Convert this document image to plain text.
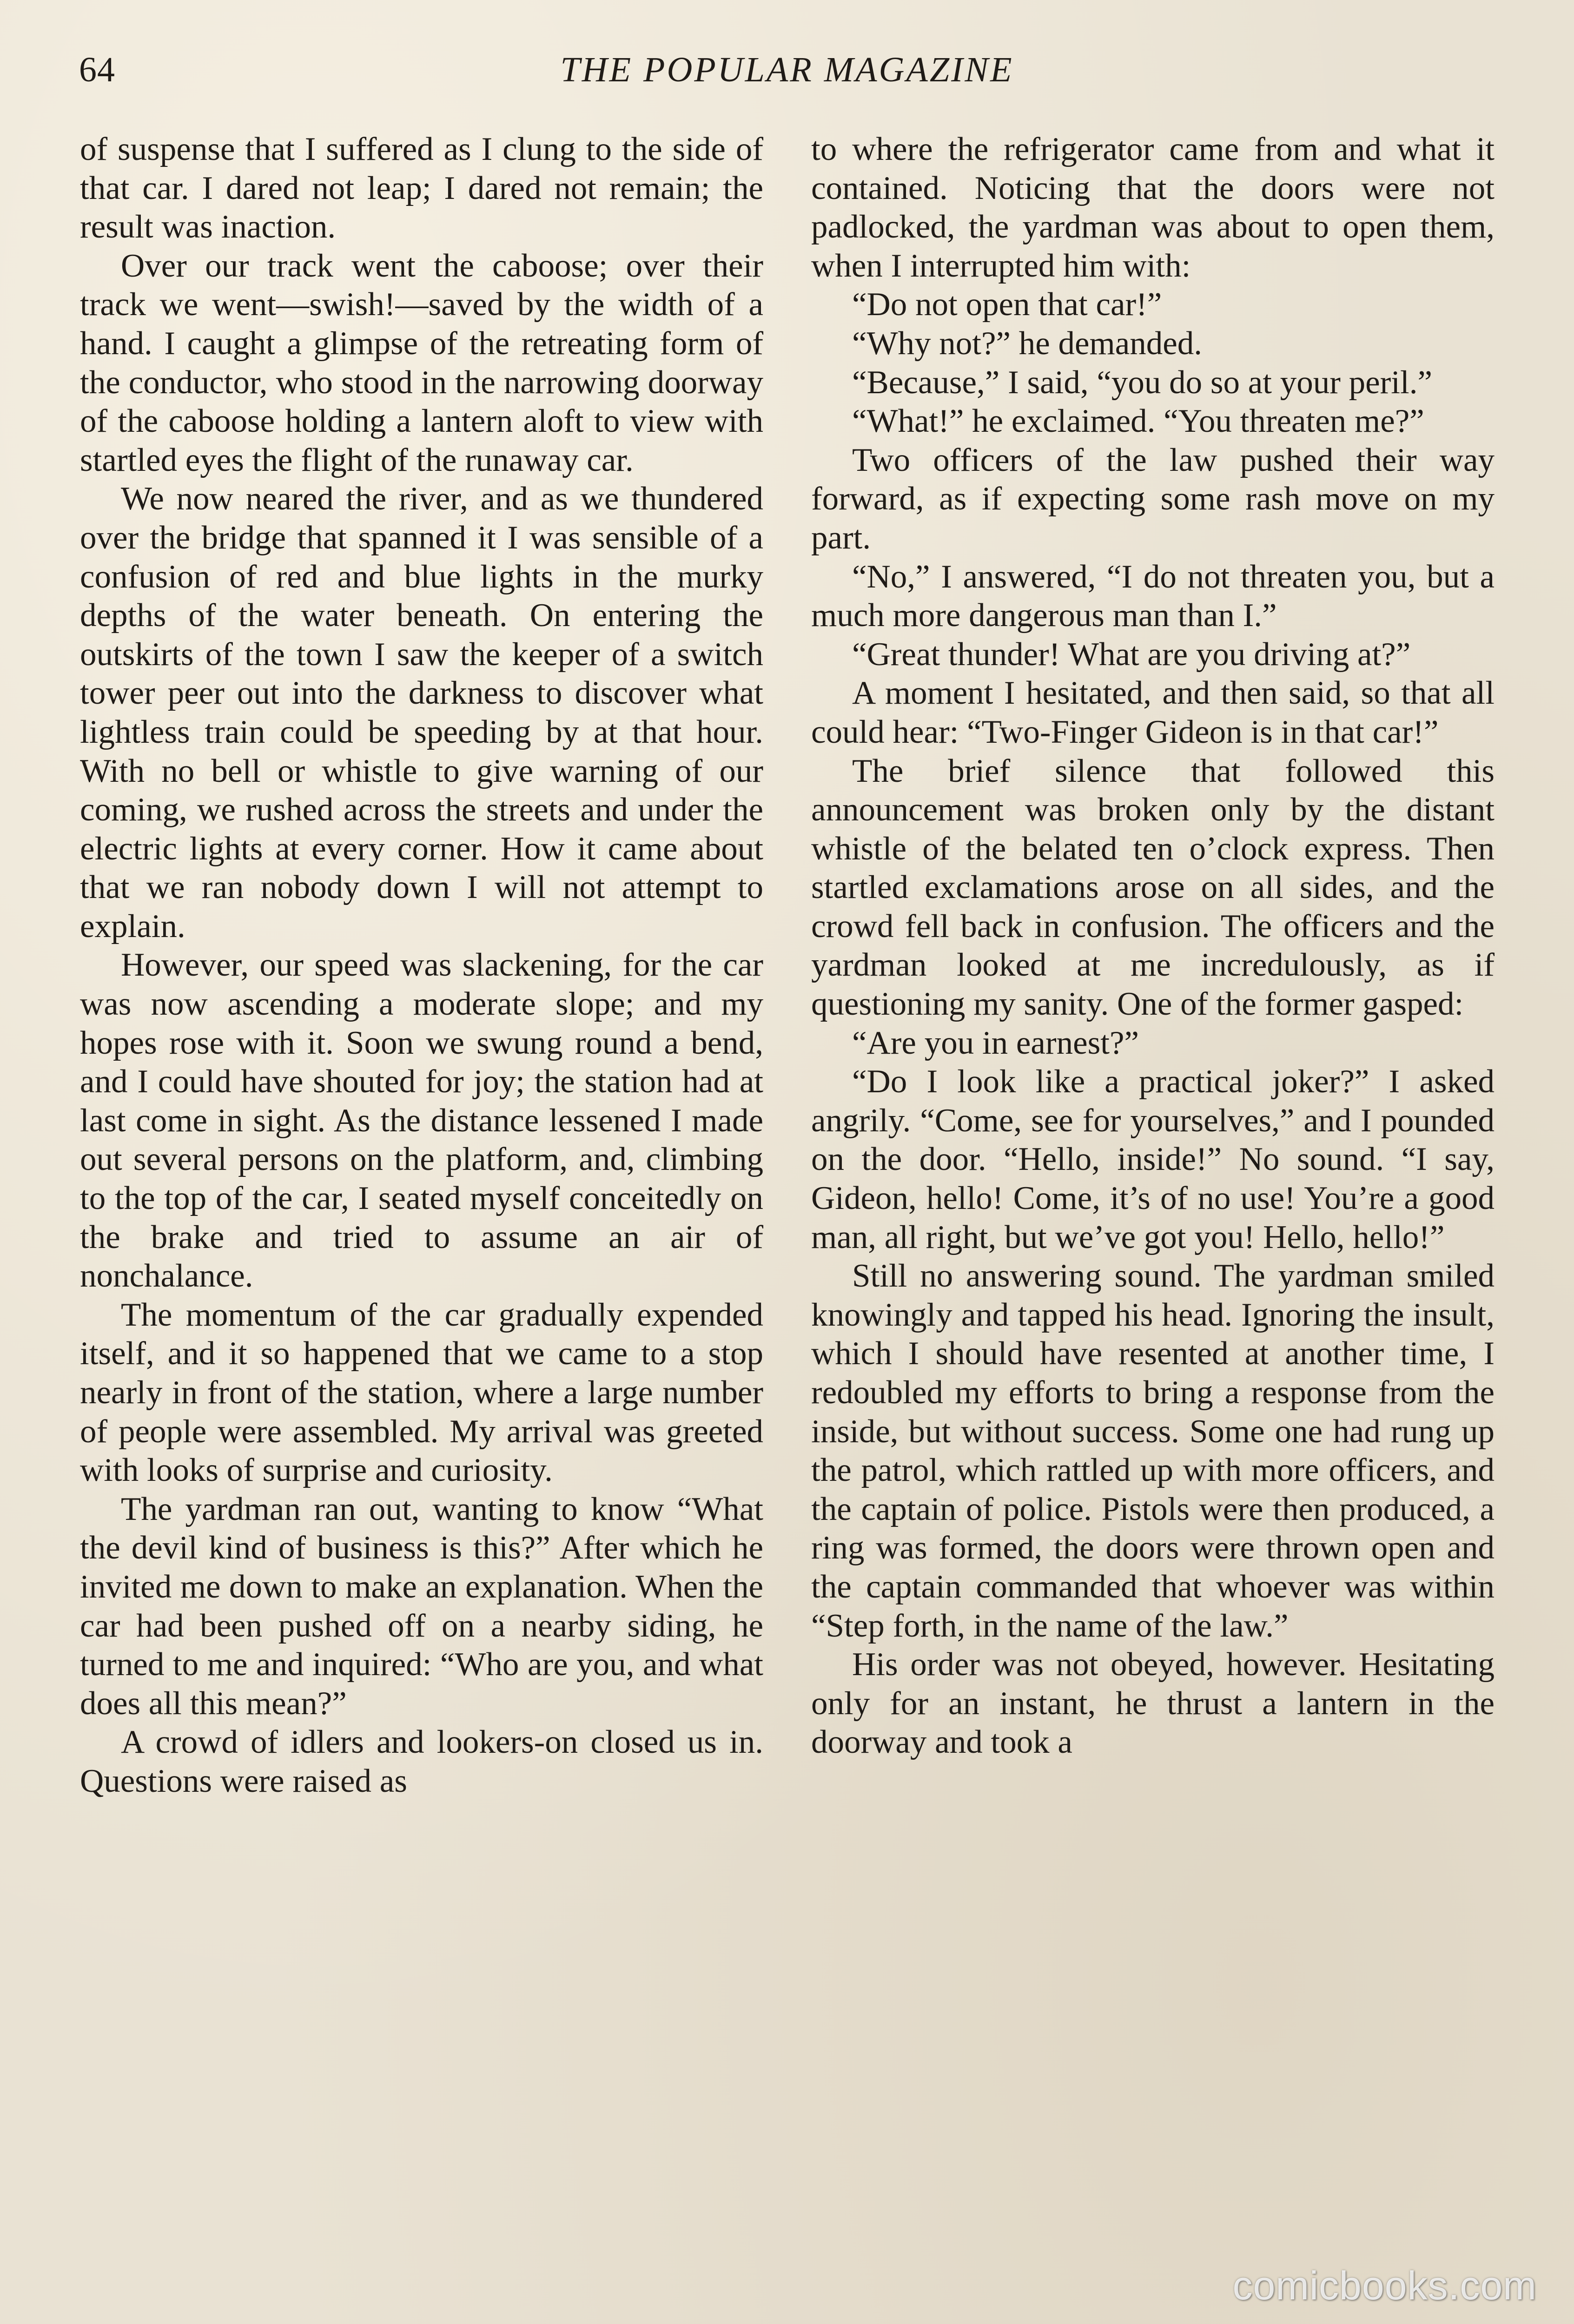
64	THE POPULAR MAGAZINE

of suspense that I suffered as I clung to the side of that car. I dared not leap; I dared not remain; the result was inaction.

Over our track went the caboose; over their track we went—swish!—saved by the width of a hand. I caught a glimpse of the retreating form of the conductor, who stood in the narrowing doorway of the caboose holding a lantern aloft to view with startled eyes the flight of the runaway car.

We now neared the river, and as we thundered over the bridge that spanned it I was sensible of a confusion of red and blue lights in the murky depths of the water beneath. On entering the outskirts of the town I saw the keeper of a switch tower peer out into the darkness to discover what lightless train could be speeding by at that hour. With no bell or whistle to give warning of our coming, we rushed across the streets and under the electric lights at every corner. How it came about that we ran nobody down I will not attempt to explain.

However, our speed was slackening, for the car was now ascending a moderate slope; and my hopes rose with it. Soon we swung round a bend, and I could have shouted for joy; the station had at last come in sight. As the distance lessened I made out several persons on the platform, and, climbing to the top of the car, I seated myself conceitedly on the brake and tried to assume an air of nonchalance.

The momentum of the car gradually expended itself, and it so happened that we came to a stop nearly in front of the station, where a large number of people were assembled. My arrival was greeted with looks of surprise and curiosity.

The yardman ran out, wanting to know “What the devil kind of business is this?” After which he invited me down to make an explanation. When the car had been pushed off on a nearby siding, he turned to me and inquired: “Who are you, and what does all this mean?”

A crowd of idlers and lookers-on closed us in. Questions were raised as

to where the refrigerator came from and what it contained. Noticing that the doors were not padlocked, the yardman was about to open them, when I interrupted him with:

“Do not open that car!”

“Why not?” he demanded.

“Because,” I said, “you do so at your peril.”

“What!” he exclaimed. “You threaten me?”

Two officers of the law pushed their way forward, as if expecting some rash move on my part.

“No,” I answered, “I do not threaten you, but a much more dangerous man than I.”

“Great thunder! What are you driving at?”

A moment I hesitated, and then said, so that all could hear: “Two-Finger Gideon is in that car!”

The brief silence that followed this announcement was broken only by the distant whistle of the belated ten o’clock express. Then startled exclamations arose on all sides, and the crowd fell back in confusion. The officers and the yardman looked at me incredulously, as if questioning my sanity. One of the former gasped:

“Are you in earnest?”

“Do I look like a practical joker?” I asked angrily. “Come, see for yourselves,” and I pounded on the door. “Hello, inside!” No sound. “I say, Gideon, hello! Come, it’s of no use! You’re a good man, all right, but we’ve got you! Hello, hello!”

Still no answering sound. The yardman smiled knowingly and tapped his head. Ignoring the insult, which I should have resented at another time, I redoubled my efforts to bring a response from the inside, but without success. Some one had rung up the patrol, which rattled up with more officers, and the captain of police. Pistols were then produced, a ring was formed, the doors were thrown open and the captain commanded that whoever was within “Step forth, in the name of the law.”

His order was not obeyed, however. Hesitating only for an instant, he thrust a lantern in the doorway and took a

comicbooks.com
